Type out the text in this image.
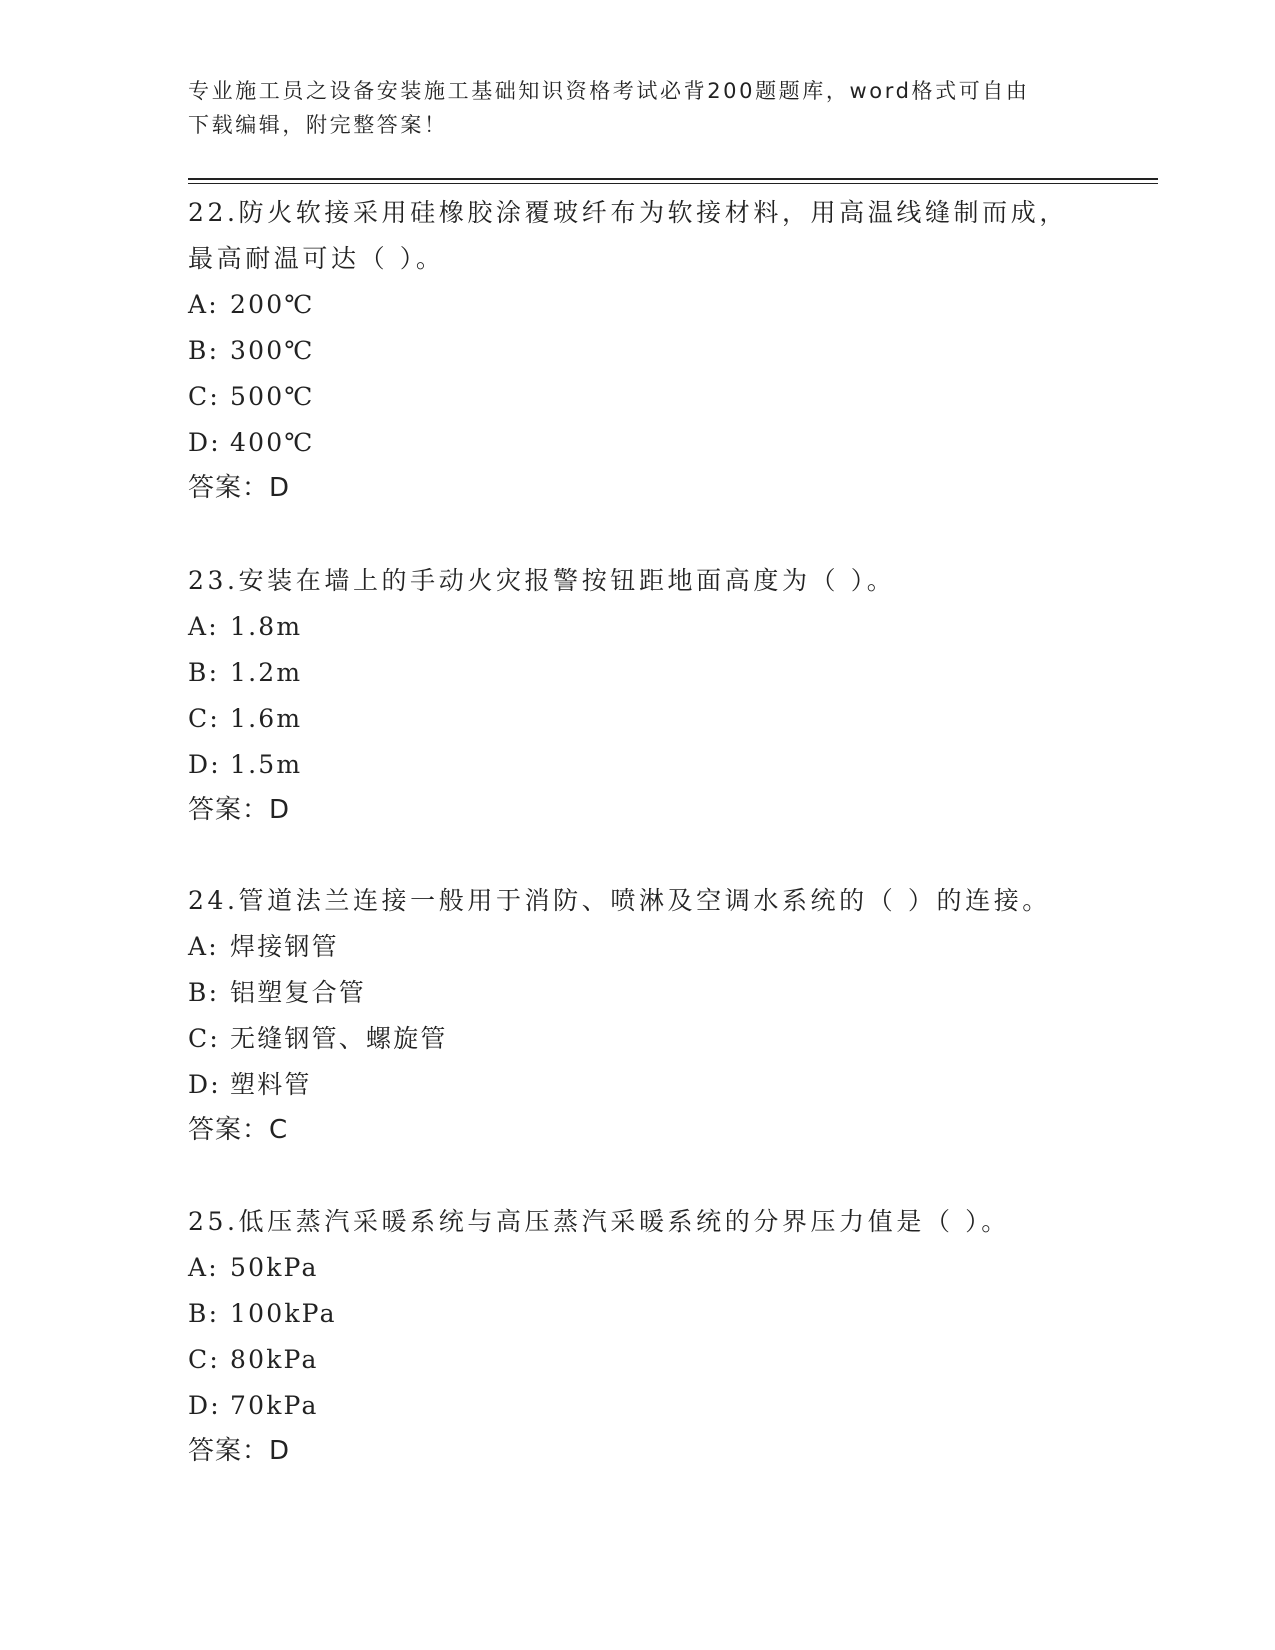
专业施工员之设备安装施工基础知识资格考试必背200题题库，word格式可自由
下载编辑，附完整答案！

22.防火软接采用硅橡胶涂覆玻纤布为软接材料，用高温线缝制而成，

最高耐温可达（ ）。

A: 200℃

B: 300℃

C: 500℃

D: 400℃

答案：D

23.安装在墙上的手动火灾报警按钮距地面高度为（ ）。

A: 1.8m

B: 1.2m

C: 1.6m

D: 1.5m

答案：D

24.管道法兰连接一般用于消防、喷淋及空调水系统的（ ）的连接。

A: 焊接钢管

B: 铝塑复合管

C: 无缝钢管、螺旋管

D: 塑料管

答案：C

25.低压蒸汽采暖系统与高压蒸汽采暖系统的分界压力值是（ ）。

A: 50kPa

B: 100kPa

C: 80kPa

D: 70kPa

答案：D
